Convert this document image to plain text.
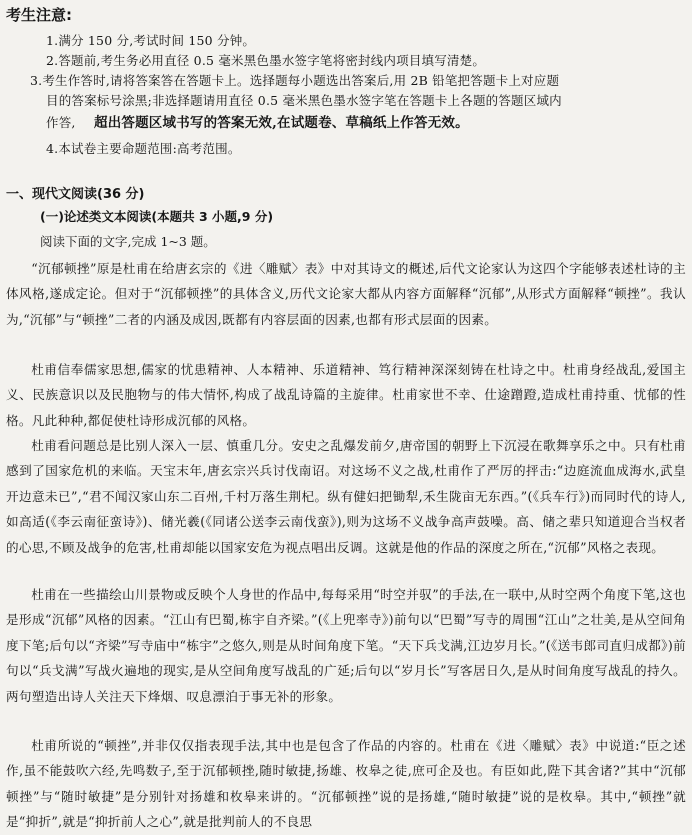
考生注意:
1.满分 150 分,考试时间 150 分钟。
2.答题前,考生务必用直径 0.5 毫米黑色墨水签字笔将密封线内项目填写清楚。
3.考生作答时,请将答案答在答题卡上。选择题每小题选出答案后,用 2B 铅笔把答题卡上对应题
目的答案标号涂黑;非选择题请用直径 0.5 毫米黑色墨水签字笔在答题卡上各题的答题区域内
作答, 超出答题区域书写的答案无效,在试题卷、草稿纸上作答无效。
4.本试卷主要命题范围:高考范围。
一、现代文阅读(36 分)
(一)论述类文本阅读(本题共 3 小题,9 分)
阅读下面的文字,完成 1~3 题。
“沉郁顿挫”原是杜甫在给唐玄宗的《进〈雕赋〉表》中对其诗文的概述,后代文论家认为这四个字能够表述杜诗的主体风格,遂成定论。但对于“沉郁顿挫”的具体含义,历代文论家大都从内容方面解释“沉郁”,从形式方面解释“顿挫”。我认为,“沉郁”与“顿挫”二者的内涵及成因,既都有内容层面的因素,也都有形式层面的因素。
杜甫信奉儒家思想,儒家的忧患精神、人本精神、乐道精神、笃行精神深深刻铸在杜诗之中。杜甫身经战乱,爱国主义、民族意识以及民胞物与的伟大情怀,构成了战乱诗篇的主旋律。杜甫家世不幸、仕途蹭蹬,造成杜甫持重、忧郁的性格。凡此种种,都促使杜诗形成沉郁的风格。
杜甫看问题总是比别人深入一层、慎重几分。安史之乱爆发前夕,唐帝国的朝野上下沉浸在歌舞享乐之中。只有杜甫感到了国家危机的来临。天宝末年,唐玄宗兴兵讨伐南诏。对这场不义之战,杜甫作了严厉的抨击:“边庭流血成海水,武皇开边意未已”,“君不闻汉家山东二百州,千村万落生荆杞。纵有健妇把锄犁,禾生陇亩无东西。”(《兵车行》)而同时代的诗人,如高适(《李云南征蛮诗》)、储光羲(《同诸公送李云南伐蛮》),则为这场不义战争高声鼓噪。高、储之辈只知道迎合当权者的心思,不顾及战争的危害,杜甫却能以国家安危为视点唱出反调。这就是他的作品的深度之所在,“沉郁”风格之表现。
杜甫在一些描绘山川景物或反映个人身世的作品中,每每采用“时空并驭”的手法,在一联中,从时空两个角度下笔,这也是形成“沉郁”风格的因素。“江山有巴蜀,栋宇自齐梁。”(《上兜率寺》)前句以“巴蜀”写寺的周围“江山”之壮美,是从空间角度下笔;后句以“齐梁”写寺庙中“栋宇”之悠久,则是从时间角度下笔。“天下兵戈满,江边岁月长。”(《送韦郎司直归成都》)前句以“兵戈满”写战火遍地的现实,是从空间角度写战乱的广延;后句以“岁月长”写客居日久,是从时间角度写战乱的持久。两句塑造出诗人关注天下烽烟、叹息漂泊于事无补的形象。
杜甫所说的“顿挫”,并非仅仅指表现手法,其中也是包含了作品的内容的。杜甫在《进〈雕赋〉表》中说道:“臣之述作,虽不能鼓吹六经,先鸣数子,至于沉郁顿挫,随时敏捷,扬雄、枚皋之徒,庶可企及也。有臣如此,陛下其舍诸?”其中“沉郁顿挫”与“随时敏捷”是分别针对扬雄和枚皋来讲的。“沉郁顿挫”说的是扬雄,“随时敏捷”说的是枚皋。其中,“顿挫”就是“抑折”,就是“抑折前人之心”,就是批判前人的不良思
